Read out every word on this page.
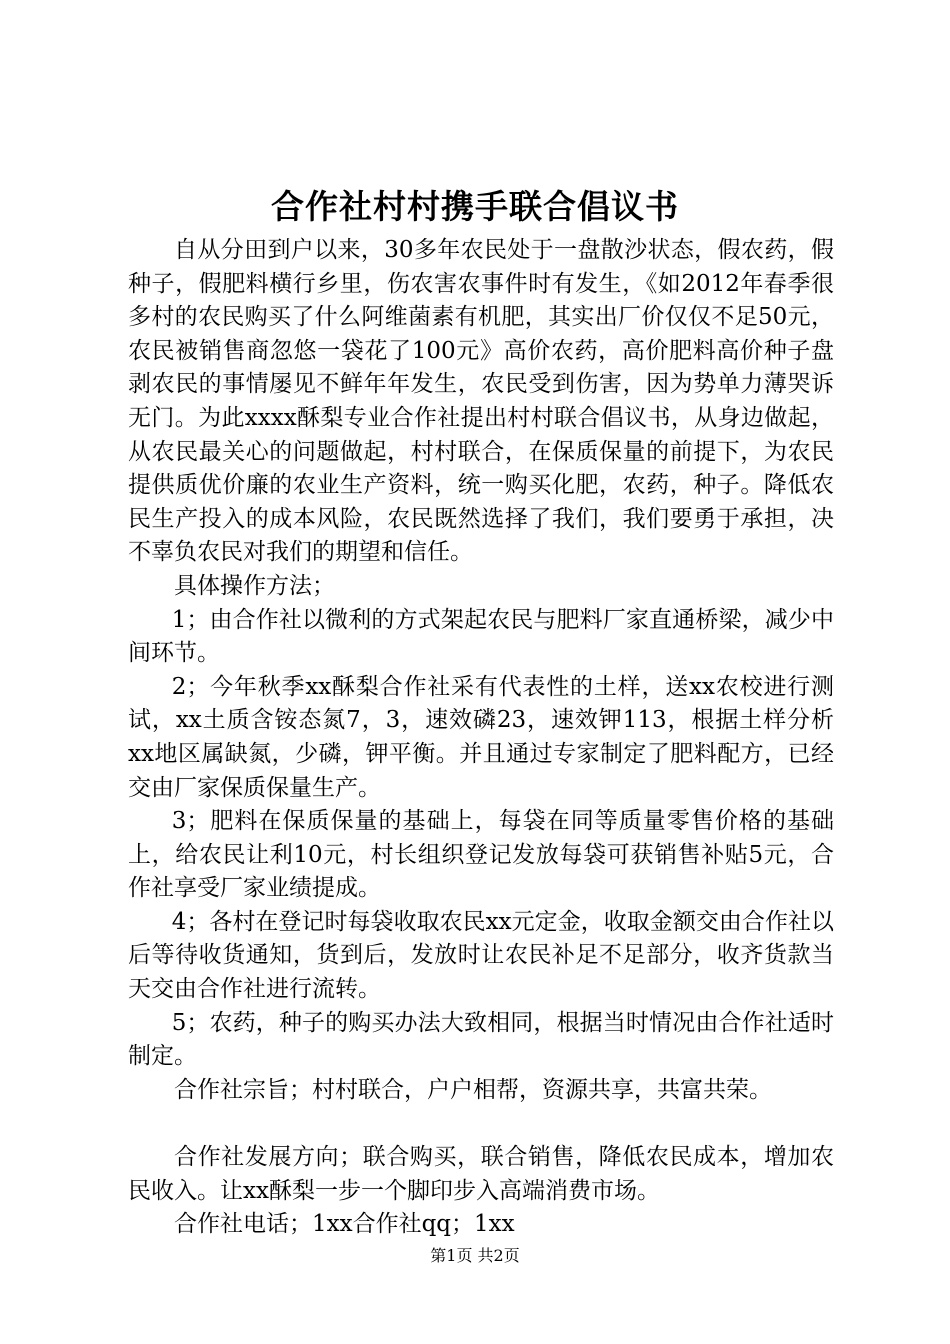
合作社村村携手联合倡议书

自从分田到户以来，30多年农民处于一盘散沙状态，假农药，假种子，假肥料横行乡里，伤农害农事件时有发生，《如2012年春季很多村的农民购买了什么阿维菌素有机肥，其实出厂价仅仅不足50元，农民被销售商忽悠一袋花了100元》高价农药，高价肥料高价种子盘剥农民的事情屡见不鲜年年发生，农民受到伤害，因为势单力薄哭诉无门。为此xxxx酥梨专业合作社提出村村联合倡议书，从身边做起，从农民最关心的问题做起，村村联合，在保质保量的前提下，为农民提供质优价廉的农业生产资料，统一购买化肥，农药，种子。降低农民生产投入的成本风险，农民既然选择了我们，我们要勇于承担，决不辜负农民对我们的期望和信任。

具体操作方法；

1；由合作社以微利的方式架起农民与肥料厂家直通桥梁，减少中间环节。

2；今年秋季xx酥梨合作社采有代表性的土样，送xx农校进行测试，xx土质含铵态氮7，3，速效磷23，速效钾113，根据土样分析xx地区属缺氮，少磷，钾平衡。并且通过专家制定了肥料配方，已经交由厂家保质保量生产。

3；肥料在保质保量的基础上，每袋在同等质量零售价格的基础上，给农民让利10元，村长组织登记发放每袋可获销售补贴5元，合作社享受厂家业绩提成。

4；各村在登记时每袋收取农民xx元定金，收取金额交由合作社以后等待收货通知，货到后，发放时让农民补足不足部分，收齐货款当天交由合作社进行流转。

5；农药，种子的购买办法大致相同，根据当时情况由合作社适时制定。

合作社宗旨；村村联合，户户相帮，资源共享，共富共荣。

合作社发展方向；联合购买，联合销售，降低农民成本，增加农民收入。让xx酥梨一步一个脚印步入高端消费市场。

合作社电话；1xx合作社qq；1xx

第1页 共2页
